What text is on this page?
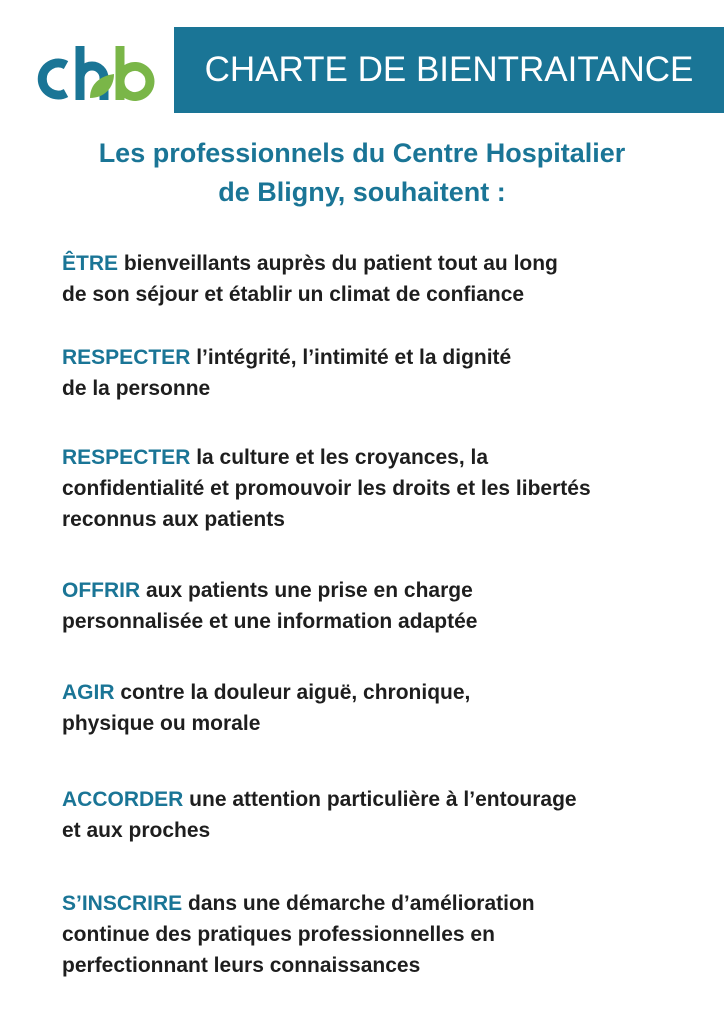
CHARTE DE BIENTRAITANCE
Les professionnels du Centre Hospitalier
de Bligny, souhaitent :
ÊTRE bienveillants auprès du patient tout au long
de son séjour et établir un climat de confiance
RESPECTER l’intégrité, l’intimité et la dignité
de la personne
RESPECTER la culture et les croyances, la
confidentialité et promouvoir les droits et les libertés
reconnus aux patients
OFFRIR aux patients une prise en charge
personnalisée et une information adaptée
AGIR contre la douleur aiguë, chronique,
physique ou morale
ACCORDER une attention particulière à l’entourage
et aux proches
S’INSCRIRE dans une démarche d’amélioration
continue des pratiques professionnelles en
perfectionnant leurs connaissances
